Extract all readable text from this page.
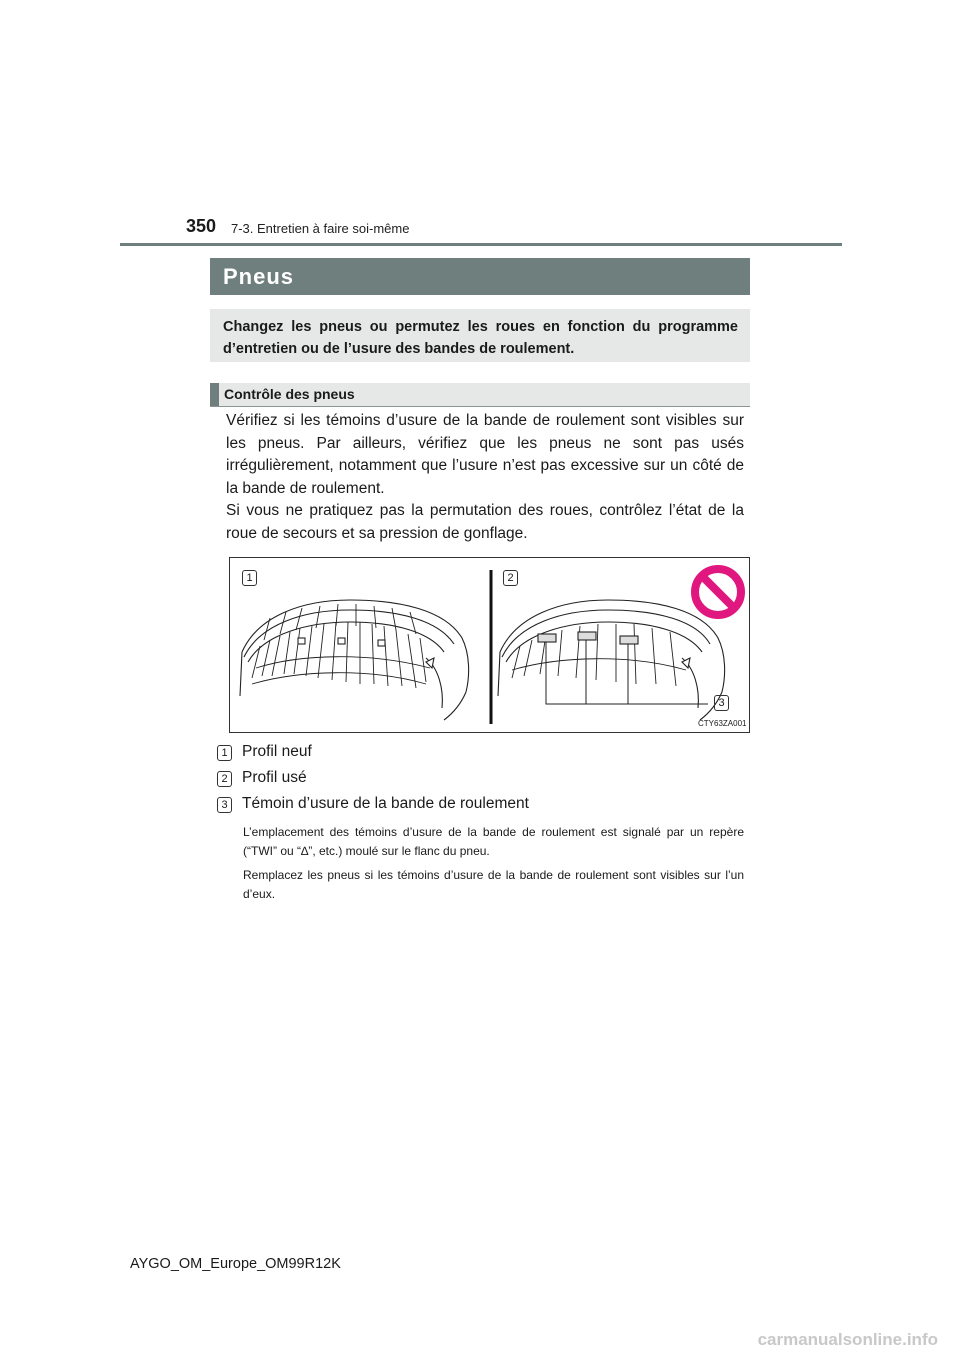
350 7-3. Entretien à faire soi-même
Pneus
Changez les pneus ou permutez les roues en fonction du programme d’entretien ou de l’usure des bandes de roulement.
Contrôle des pneus
Vérifiez si les témoins d’usure de la bande de roulement sont visibles sur les pneus. Par ailleurs, vérifiez que les pneus ne sont pas usés irrégulièrement, notamment que l’usure n’est pas excessive sur un côté de la bande de roulement.
Si vous ne pratiquez pas la permutation des roues, contrôlez l’état de la roue de secours et sa pression de gonflage.
1	2
3
CTY63ZA001
1 Profil neuf
2 Profil usé
3 Témoin d’usure de la bande de roulement
L’emplacement des témoins d’usure de la bande de roulement est signalé par un repère (“TWI” ou “∆”, etc.) moulé sur le flanc du pneu.
Remplacez les pneus si les témoins d’usure de la bande de roulement sont visibles sur l’un d’eux.
AYGO_OM_Europe_OM99R12K
carmanualsonline.info
